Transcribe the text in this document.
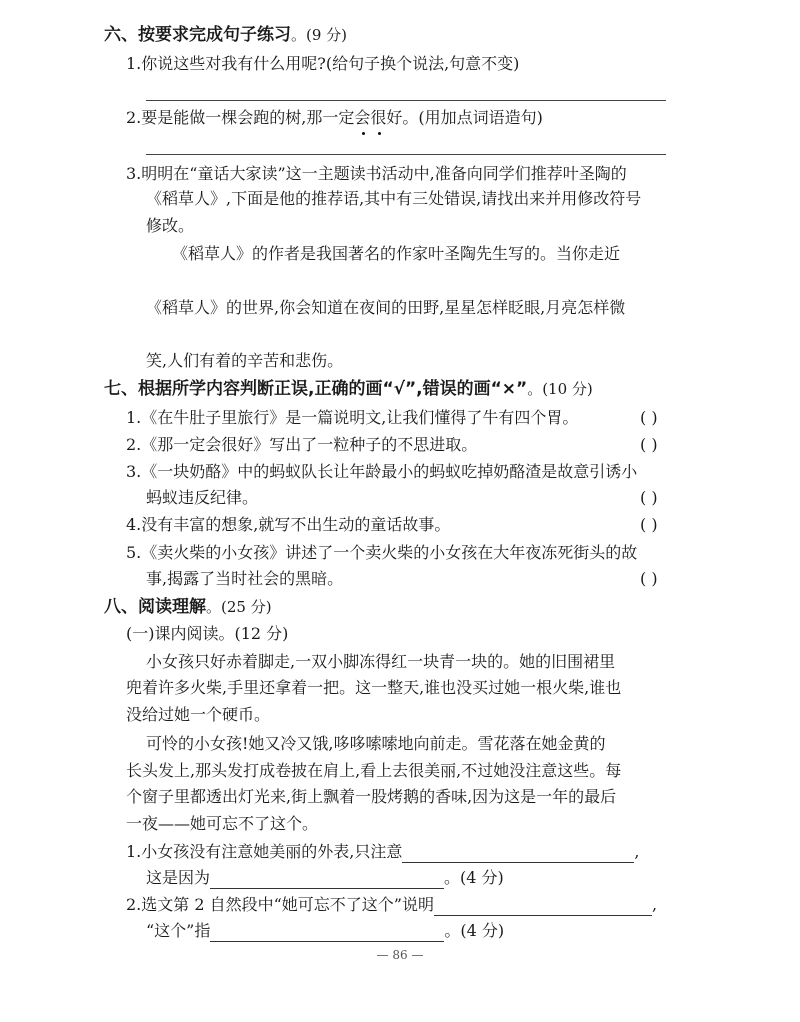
六、按要求完成句子练习。(9 分)
1.你说这些对我有什么用呢?(给句子换个说法,句意不变)
2.要是能做一棵会跑的树,那一定会很好。(用加点词语造句)
3.明明在“童话大家读”这一主题读书活动中,准备向同学们推荐叶圣陶的
《稻草人》,下面是他的推荐语,其中有三处错误,请找出来并用修改符号
修改。
《稻草人》的作者是我国著名的作家叶圣陶先生写的。当你走近
《稻草人》的世界,你会知道在夜间的田野,星星怎样眨眼,月亮怎样微
笑,人们有着的辛苦和悲伤。
七、根据所学内容判断正误,正确的画“√”,错误的画“×”。(10 分)
1.《在牛肚子里旅行》是一篇说明文,让我们懂得了牛有四个胃。	( )
2.《那一定会很好》写出了一粒种子的不思进取。	( )
3.《一块奶酪》中的蚂蚁队长让年龄最小的蚂蚁吃掉奶酪渣是故意引诱小
蚂蚁违反纪律。	( )
4.没有丰富的想象,就写不出生动的童话故事。	( )
5.《卖火柴的小女孩》讲述了一个卖火柴的小女孩在大年夜冻死街头的故
事,揭露了当时社会的黑暗。	( )
八、阅读理解。(25 分)
(一)课内阅读。(12 分)
小女孩只好赤着脚走,一双小脚冻得红一块青一块的。她的旧围裙里
兜着许多火柴,手里还拿着一把。这一整天,谁也没买过她一根火柴,谁也
没给过她一个硬币。
可怜的小女孩!她又冷又饿,哆哆嗦嗦地向前走。雪花落在她金黄的
长头发上,那头发打成卷披在肩上,看上去很美丽,不过她没注意这些。每
个窗子里都透出灯光来,街上飘着一股烤鹅的香味,因为这是一年的最后
一夜——她可忘不了这个。
1.小女孩没有注意她美丽的外表,只注意	,
这是因为	。(4 分)
2.选文第 2 自然段中“她可忘不了这个”说明	,
“这个”指	。(4 分)
— 86 —
